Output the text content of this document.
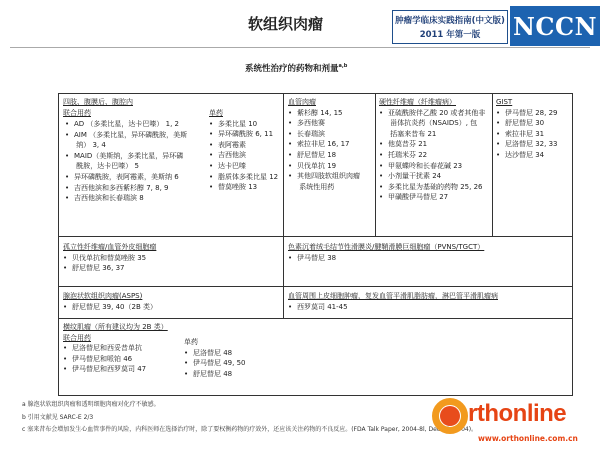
软组织肉瘤	肿瘤学临床实践指南(中文版)
2011 年第一版	NCCN
系统性治疗的药物和剂量$^{a,b}$
四肢、腹膜后、腹腔内
联合用药
• AD （多柔比星，达卡巴嗪） 1, 2
• AIM （多柔比星，异环磷酰胺，美斯
纳） 3, 4
• MAID（美斯纳，多柔比星，异环磷
酰胺，达卡巴嗪） 5
• 异环磷酰胺，表阿霉素，美斯纳 6
• 吉西他滨和多西紫杉醇 7, 8, 9
• 吉西他滨和长春瑞滨 8
单药
• 多柔比星 10
• 异环磷酰胺 6, 11
• 表阿霉素
• 吉西他滨
• 达卡巴嗪
• 脂质体多柔比星 12
• 替莫唑胺 13
血管肉瘤
• 紫杉醇 14, 15
• 多西他赛
• 长春瑞滨
• 索拉非尼 16, 17
• 舒尼替尼 18
• 贝伐单抗 19
• 其他四肢软组织肉瘤
系统性用药
硬性纤维瘤（纤维瘤病）
• 亚硫酰胺伴乙酸 20 或者其他非
甾体抗炎药（NSAIDS）, 包
括塞来昔布 21
• 他莫昔芬 21
• 托瑞米芬 22
• 甲氨蝶呤和长春花碱 23
• 小剂量干扰素 24
• 多柔比星为基础的药物 25, 26
• 甲磺酸伊马替尼 27
GIST
• 伊马替尼 28, 29
• 舒尼替尼 30
• 索拉非尼 31
• 尼洛替尼 32, 33
• 达沙替尼 34
孤立性纤维瘤/血管外皮细胞瘤
• 贝伐单抗和替莫唑胺 35
• 舒尼替尼 36, 37
色素沉着绒毛结节性滑膜炎/腱鞘滑膜巨细胞瘤（PVNS/TGCT）
• 伊马替尼 38
腺泡状软组织肉瘤(ASPS)
• 舒尼替尼 39, 40（2B 类）
血管周围上皮细胞肿瘤，复发血管平滑肌脂肪瘤，淋巴管平滑肌瘤病
• 西罗莫司 41-45
横纹肌瘤（所有建议均为 2B 类）
联合用药
• 尼洛替尼和西妥昔单抗
• 伊马替尼和哌铂 46
• 伊马替尼和西罗莫司 47
单药
• 尼洛替尼 48
• 伊马替尼 49, 50
• 舒尼替尼 48
a 腺泡状软组织肉瘤和透明细胞肉瘤对化疗不敏感。
b 引用文献见 SARC-E 2/3
c 塞来昔布会增加发生心血管事件的风险，内科医师在选择治疗时，除了要权衡药物的疗效外，还应该关注药物的不良反应。(FDA Talk Paper, 2004-8l, Dec 23, 2004)。
rthonline
www.orthonline.com.cn
